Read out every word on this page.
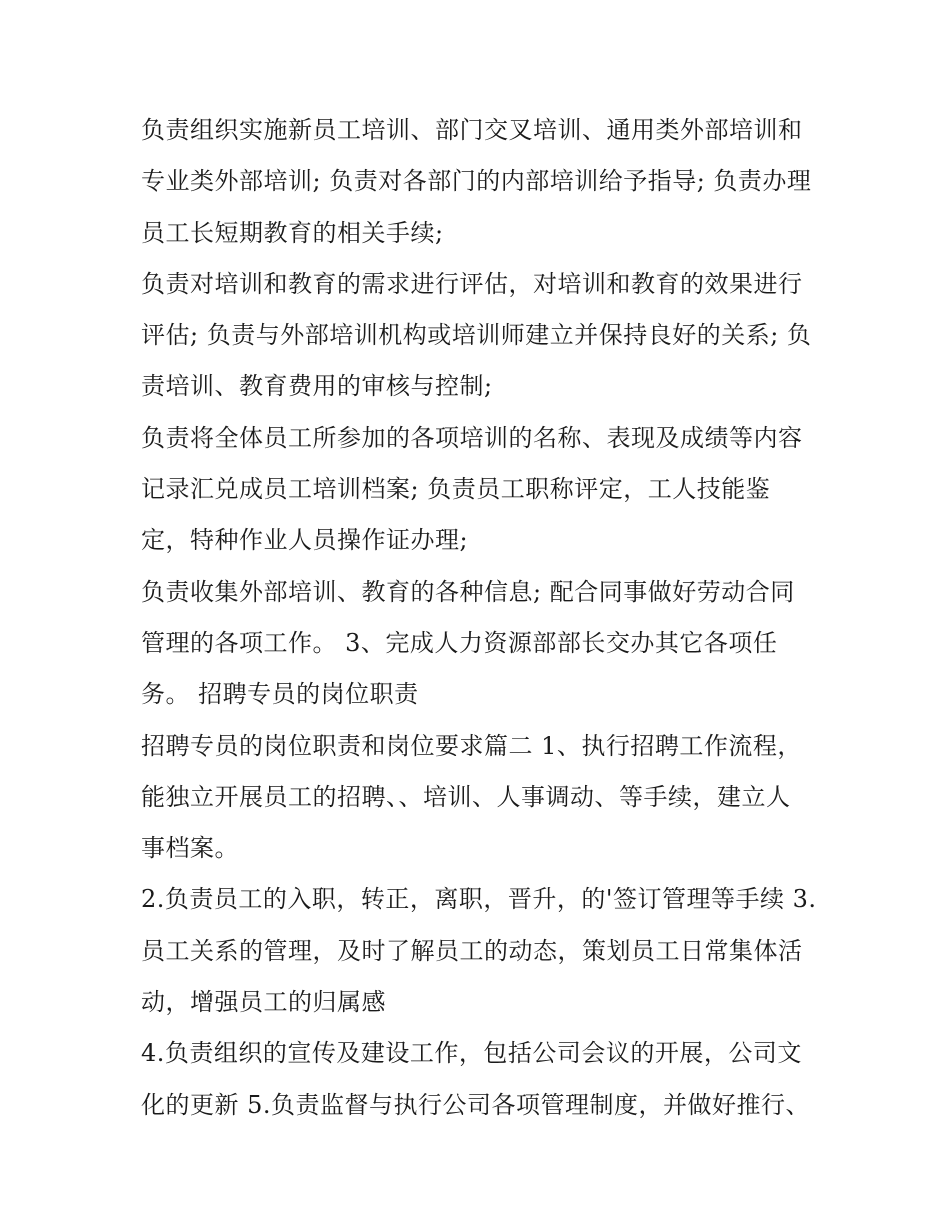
负责组织实施新员工培训、部门交叉培训、通用类外部培训和
专业类外部培训; 负责对各部门的内部培训给予指导; 负责办理
员工长短期教育的相关手续;
负责对培训和教育的需求进行评估，对培训和教育的效果进行
评估; 负责与外部培训机构或培训师建立并保持良好的关系; 负
责培训、教育费用的审核与控制;
负责将全体员工所参加的各项培训的名称、表现及成绩等内容
记录汇兑成员工培训档案; 负责员工职称评定，工人技能鉴
定，特种作业人员操作证办理;
负责收集外部培训、教育的各种信息; 配合同事做好劳动合同
管理的各项工作。 3、完成人力资源部部长交办其它各项任
务。 招聘专员的岗位职责
招聘专员的岗位职责和岗位要求篇二 1、执行招聘工作流程，
能独立开展员工的招聘、、培训、人事调动、等手续，建立人
事档案。
2.负责员工的入职，转正，离职，晋升，的'签订管理等手续 3.
员工关系的管理，及时了解员工的动态，策划员工日常集体活
动，增强员工的归属感
4.负责组织的宣传及建设工作，包括公司会议的开展，公司文
化的更新 5.负责监督与执行公司各项管理制度，并做好推行、
